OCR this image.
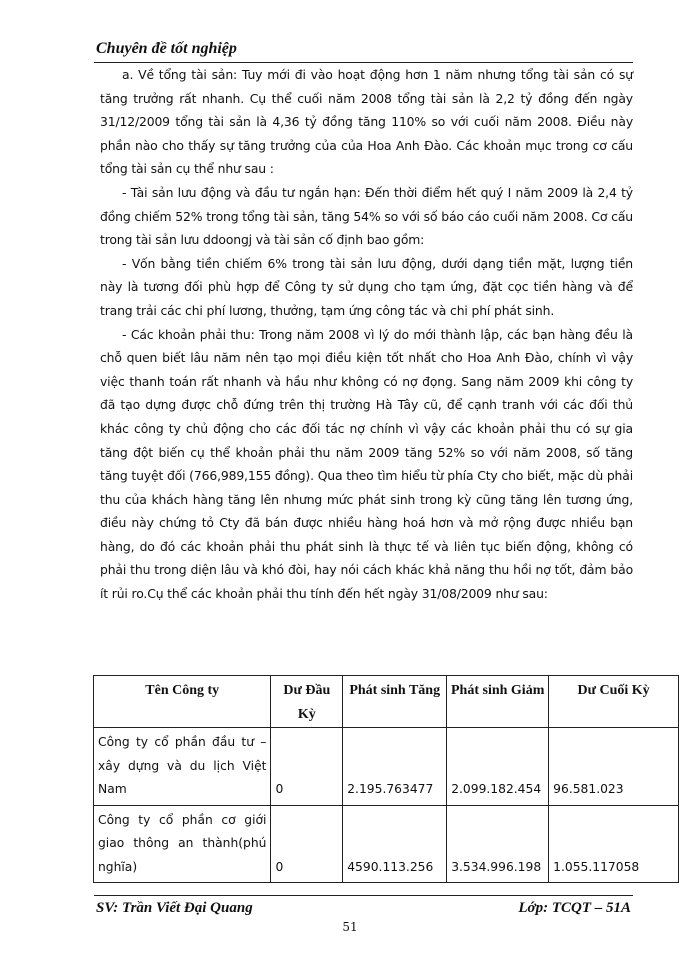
Chuyên đề tốt nghiệp

a. Về tổng tài sản: Tuy mới đi vào hoạt động hơn 1 năm nhưng tổng tài sản có sự tăng trưởng rất nhanh. Cụ thể cuối năm 2008 tổng tài sản là 2,2 tỷ đồng đến ngày 31/12/2009 tổng tài sản là 4,36 tỷ đồng tăng 110% so với cuối năm 2008. Điều này phần nào cho thấy sự tăng trưởng của của Hoa Anh Đào. Các khoản mục trong cơ cấu tổng tài sản cụ thể như sau :

- Tài sản lưu động và đầu tư ngắn hạn: Đến thời điểm hết quý I năm 2009 là 2,4 tỷ đồng chiếm 52% trong tổng tài sản, tăng 54% so với số báo cáo cuối năm 2008. Cơ cấu trong tài sản lưu ddoongj và tài sản cố định bao gồm:

- Vốn bằng tiền chiếm 6% trong tài sản lưu động, dưới dạng tiền mặt, lượng tiền này là tương đối phù hợp để Công ty sử dụng cho tạm ứng, đặt cọc tiền hàng và để trang trải các chi phí lương, thưởng, tạm ứng công tác và chi phí phát sinh.

- Các khoản phải thu: Trong năm 2008 vì lý do mới thành lập, các bạn hàng đều là chỗ quen biết lâu năm nên tạo mọi điều kiện tốt nhất cho Hoa Anh Đào, chính vì vậy việc thanh toán rất nhanh và hầu như không có nợ đọng. Sang năm 2009 khi công ty đã tạo dựng được chỗ đứng trên thị trường Hà Tây cũ, để cạnh tranh với các đối thủ khác công ty chủ động cho các đối tác nợ chính vì vậy các khoản phải thu có sự gia tăng đột biến cụ thể khoản phải thu năm 2009 tăng 52% so với năm 2008, số tăng tăng tuyệt đối (766,989,155 đồng). Qua theo tìm hiểu từ phía Cty cho biết, mặc dù phải thu của khách hàng tăng lên nhưng mức phát sinh trong kỳ cũng tăng lên tương ứng, điều này chứng tỏ Cty đã bán được nhiều hàng hoá hơn và mở rộng được nhiều bạn hàng, do đó các khoản phải thu phát sinh là thực tế và liên tục biến động, không có phải thu trong diện lâu và khó đòi, hay nói cách khác khả năng thu hồi nợ tốt, đảm bảo ít rủi ro.Cụ thể các khoản phải thu tính đến hết ngày 31/08/2009 như sau:

Tên Công ty	Dư Đầu Kỳ	Phát sinh Tăng	Phát sinh Giảm	Dư Cuối Kỳ
Công ty cổ phần đầu tư – xây dựng và du lịch Việt Nam	0	2.195.763477	2.099.182.454	96.581.023
Công ty cổ phần cơ giới giao thông an thành(phú nghĩa)	0	4590.113.256	3.534.996.198	1.055.117058
SV: Trần Viết Đại Quang	Lớp: TCQT – 51A
51
